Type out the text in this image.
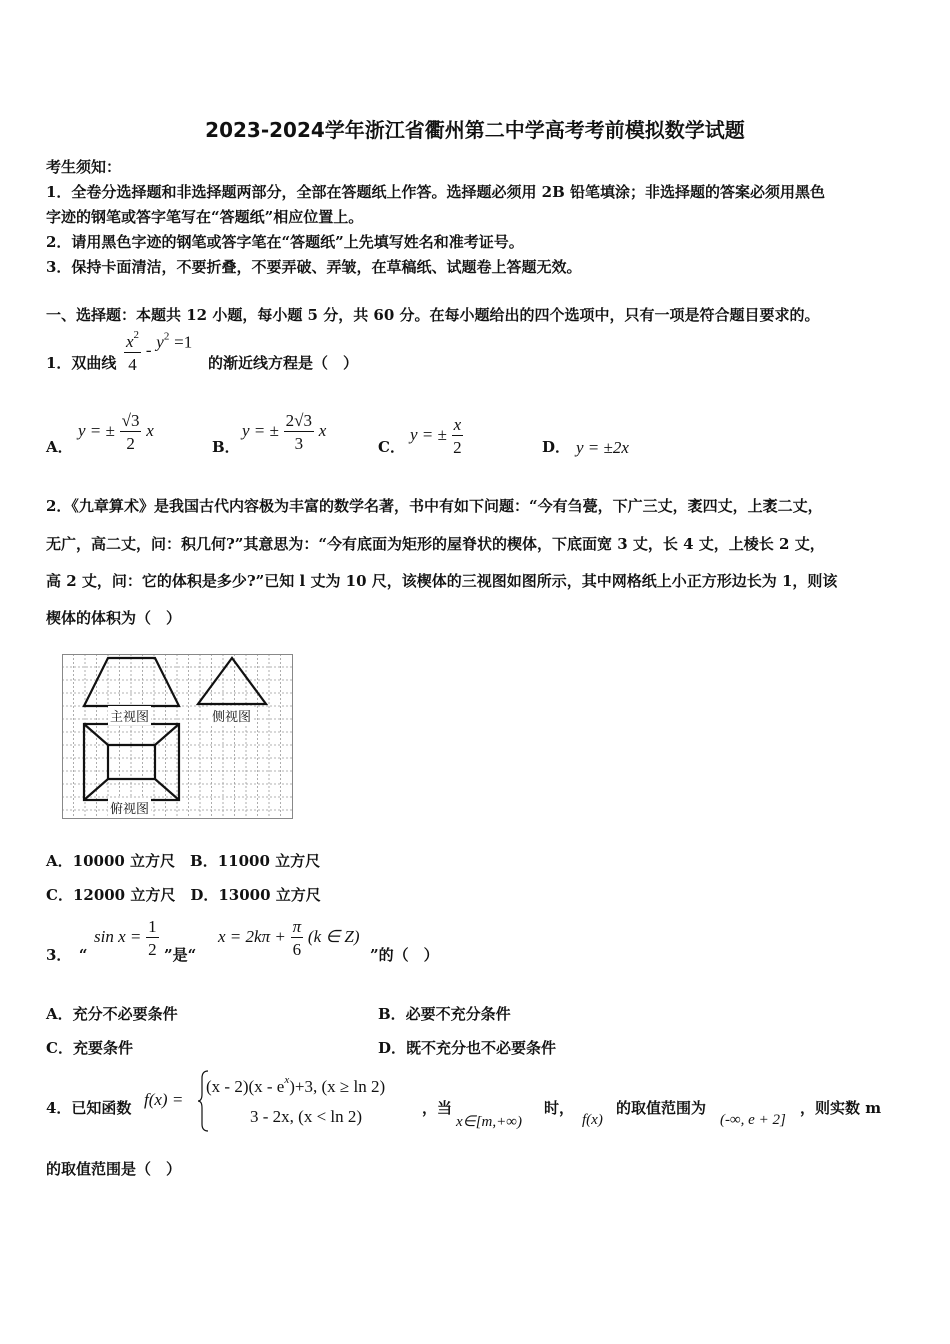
2023-2024学年浙江省衢州第二中学高考考前模拟数学试题
考生须知：
1．全卷分选择题和非选择题两部分，全部在答题纸上作答。选择题必须用 2B 铅笔填涂；非选择题的答案必须用黑色
字迹的钢笔或答字笔写在“答题纸”相应位置上。
2．请用黑色字迹的钢笔或答字笔在“答题纸”上先填写姓名和准考证号。
3．保持卡面清洁，不要折叠，不要弄破、弄皱，在草稿纸、试题卷上答题无效。
一、选择题：本题共 12 小题，每小题 5 分，共 60 分。在每小题给出的四个选项中，只有一项是符合题目要求的。
1．双曲线 $\frac{x^2}{4} - y^2 =1$
的渐近线方程是（　）
A．
y = ± $\frac{√3}{2}$ x
B．
y = ± $\frac{2√3}{3}$ x
C．
y = ± $\frac{x}{2}$	D． y = ±2x
2．《九章算术》是我国古代内容极为丰富的数学名著，书中有如下问题：“今有刍甍，下广三丈，袤四丈，上袤二丈，
无广，高二丈，问：积几何?”其意思为：“今有底面为矩形的屋脊状的楔体，下底面宽 3 丈，长 4 丈，上棱长 2 丈，
高 2 丈，问：它的体积是多少?”已知 l 丈为 10 尺，该楔体的三视图如图所示，其中网格纸上小正方形边长为 1，则该
楔体的体积为（　）
主视图	侧视图
俯视图
A．10000 立方尺　B．11000 立方尺
C．12000 立方尺　D．13000 立方尺
3．　“
$\sin x = \frac{1}{2}$ ”是“
$x = 2k\pi + \frac{\pi}{6} (k$ ∈ Z)
”的（　）
A．充分不必要条件	B．必要不充分条件
C．充要条件	D．既不充分也不必要条件
4．已知函数 f(x) =
$(x - 2)(x - e^x)+3$, (x ≥ ln 2)
3 - 2x, (x < ln 2)	，当
x∈[m,+∞)
时，
f(x)
的取值范围为
(-∞, e + 2]
，则实数 m
的取值范围是（　）
